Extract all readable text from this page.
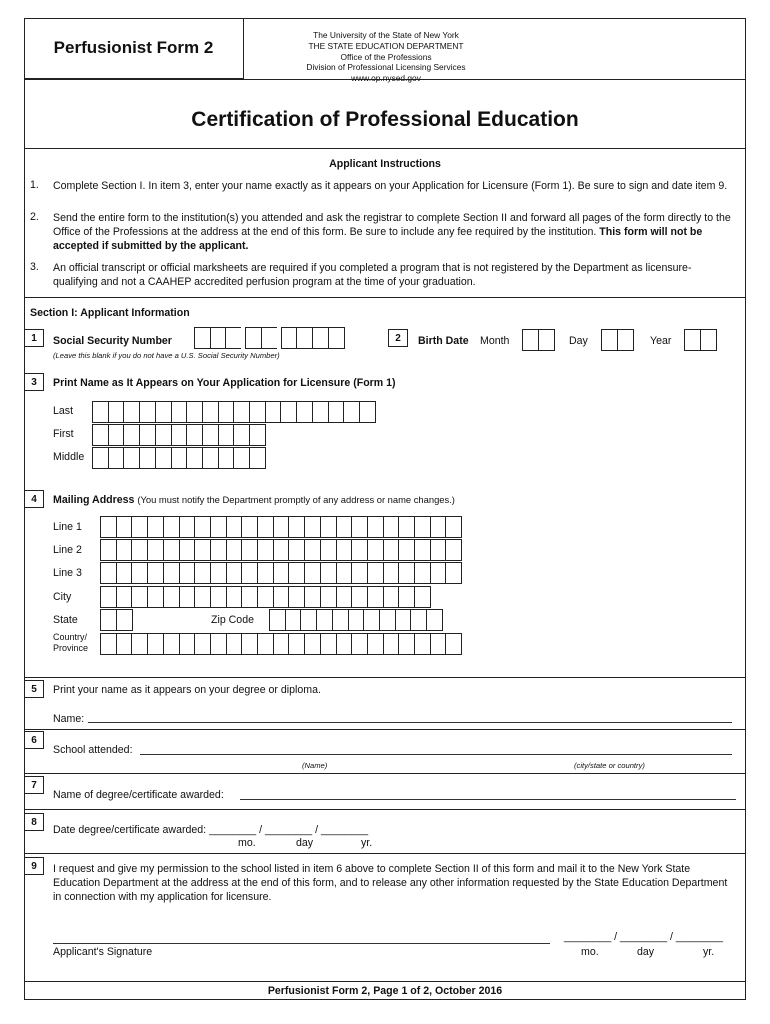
Perfusionist Form 2
The University of the State of New York
THE STATE EDUCATION DEPARTMENT
Office of the Professions
Division of Professional Licensing Services
www.op.nysed.gov
Certification of Professional Education
Applicant Instructions
1. Complete Section I. In item 3, enter your name exactly as it appears on your Application for Licensure (Form 1). Be sure to sign and date item 9.
2. Send the entire form to the institution(s) you attended and ask the registrar to complete Section II and forward all pages of the form directly to the Office of the Professions at the address at the end of this form. Be sure to include any fee required by the institution. This form will not be accepted if submitted by the applicant.
3. An official transcript or official marksheets are required if you completed a program that is not registered by the Department as licensure-qualifying and not a CAAHEP accredited perfusion program at the time of your graduation.
Section I: Applicant Information
1	Social Security Number
(Leave this blank if you do not have a U.S. Social Security Number)
2	Birth Date Month	Day	Year
3	Print Name as It Appears on Your Application for Licensure (Form 1)
Last
First
Middle
4	Mailing Address (You must notify the Department promptly of any address or name changes.)
Line 1
Line 2
Line 3
City
State	Zip Code
Country/
Province
5	Print your name as it appears on your degree or diploma.
Name:
6
School attended:
(Name)	(city/state or country)
7
Name of degree/certificate awarded:
8
Date degree/certificate awarded: ________ / ________ / ________
mo.	day	yr.
9	I request and give my permission to the school listed in item 6 above to complete Section II of this form and mail it to the New York State Education Department at the address at the end of this form, and to release any other information requested by the State Education Department in connection with my application for licensure.
Applicant's Signature
________ / ________ / ________
mo.	day	yr.
Perfusionist Form 2, Page 1 of 2, October 2016
